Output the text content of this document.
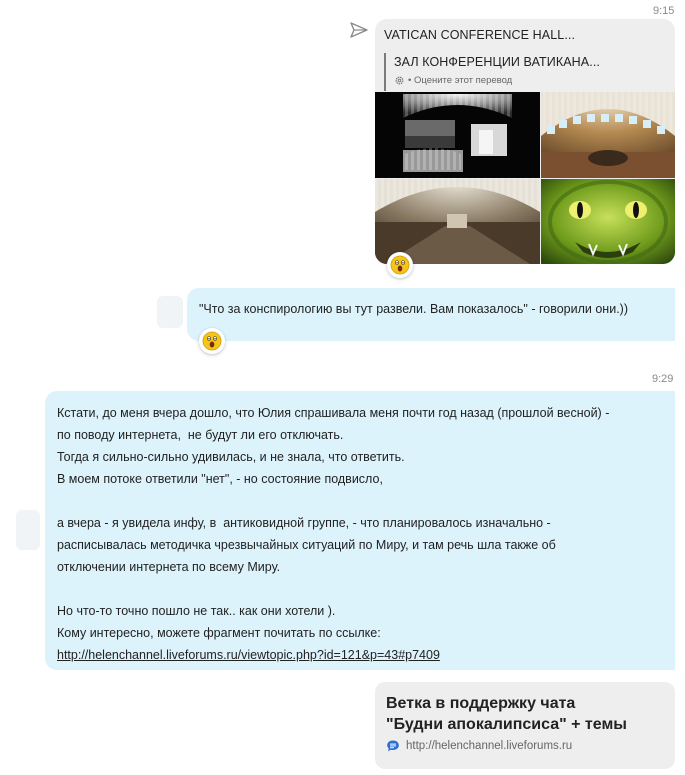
9:15
VATICAN CONFERENCE HALL...
ЗАЛ КОНФЕРЕНЦИИ ВАТИКАНА...
• Оцените этот перевод
"Что за конспирологию вы тут развели. Вам показалось" - говорили они.))
9:29
Кстати, до меня вчера дошло, что Юлия спрашивала меня почти год назад (прошлой весной) -
по поводу интернета,  не будут ли его отключать.
Тогда я сильно-сильно удивилась, и не знала, что ответить.
В моем потоке ответили "нет", - но состояние подвисло,
а вчера - я увидела инфу, в  антиковидной группе, - что планировалось изначально -
расписывалась методичка чрезвычайных ситуаций по Миру, и там речь шла также об
отключении интернета по всему Миру.
Но что-то точно пошло не так.. как они хотели ).
Кому интересно, можете фрагмент почитать по ссылке:
http://helenchannel.liveforums.ru/viewtopic.php?id=121&p=43#p7409
Ветка в поддержку чата
"Будни апокалипсиса" + темы
http://helenchannel.liveforums.ru
